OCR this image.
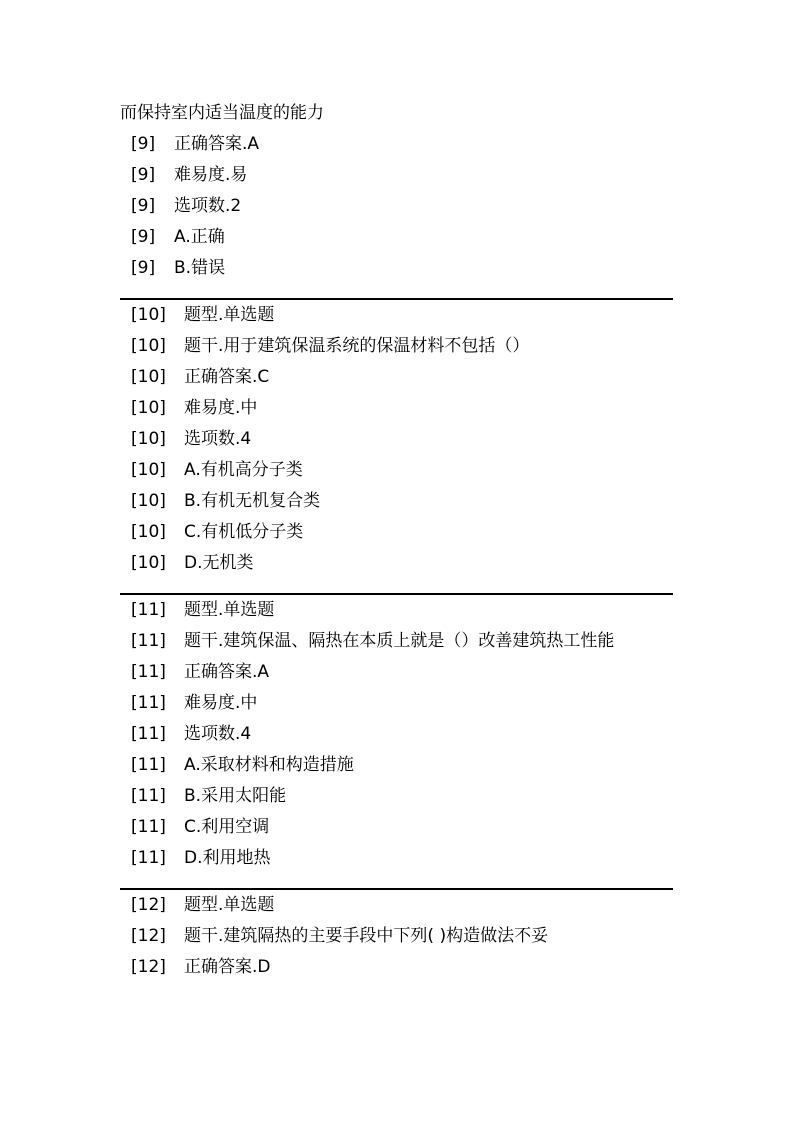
而保持室内适当温度的能力
[9]	正确答案.A
[9]	难易度.易
[9]	选项数.2
[9]	A.正确
[9]	B.错误
[10]	题型.单选题
[10]	题干.用于建筑保温系统的保温材料不包括（）
[10]	正确答案.C
[10]	难易度.中
[10]	选项数.4
[10]	A.有机高分子类
[10]	B.有机无机复合类
[10]	C.有机低分子类
[10]	D.无机类
[11]	题型.单选题
[11]	题干.建筑保温、隔热在本质上就是（）改善建筑热工性能
[11]	正确答案.A
[11]	难易度.中
[11]	选项数.4
[11]	A.采取材料和构造措施
[11]	B.采用太阳能
[11]	C.利用空调
[11]	D.利用地热
[12]	题型.单选题
[12]	题干.建筑隔热的主要手段中下列( )构造做法不妥
[12]	正确答案.D
